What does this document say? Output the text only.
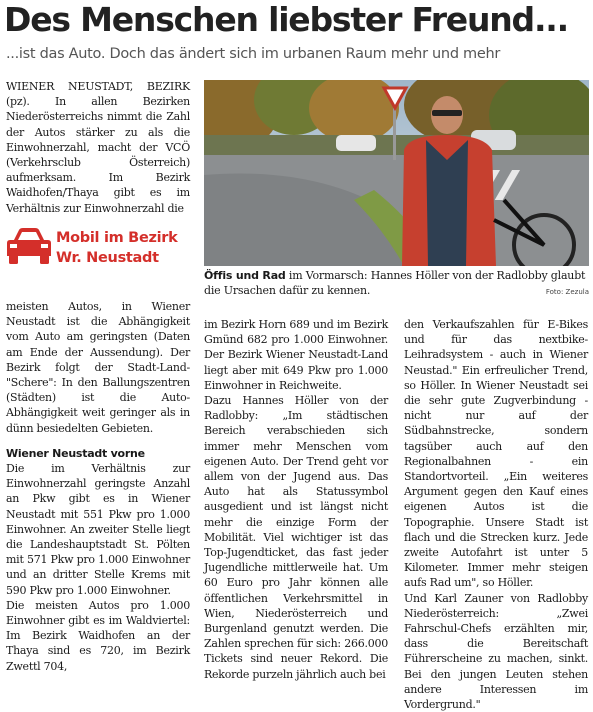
Des Menschen liebster Freund...
...ist das Auto. Doch das ändert sich im urbanen Raum mehr und mehr

WIENER NEUSTADT, BEZIRK (pz). In allen Bezirken Niederösterreichs nimmt die Zahl der Autos stärker zu als die Einwohnerzahl, macht der VCÖ (Verkehrsclub Österreich) aufmerksam. Im Bezirk Waidhofen/Thaya gibt es im Verhältnis zur Einwohnerzahl die

Mobil im Bezirk
Wr. Neustadt

meisten Autos, in Wiener Neustadt ist die Abhängigkeit vom Auto am geringsten (Daten am Ende der Aussendung). Der Bezirk folgt der Stadt-Land-"Schere": In den Ballungszentren (Städten) ist die Auto-Abhängigkeit weit geringer als in dünn besiedelten Gebieten.

Wiener Neustadt vorne

Die im Verhältnis zur Einwohnerzahl geringste Anzahl an Pkw gibt es in Wiener Neustadt mit 551 Pkw pro 1.000 Einwohner. An zweiter Stelle liegt die Landeshauptstadt St. Pölten mit 571 Pkw pro 1.000 Einwohner und an dritter Stelle Krems mit 590 Pkw pro 1.000 Einwohner.

Die meisten Autos pro 1.000 Einwohner gibt es im Waldviertel: Im Bezirk Waidhofen an der Thaya sind es 720, im Bezirk Zwettl 704,

Öffis und Rad im Vormarsch: Hannes Höller von der Radlobby glaubt die Ursachen dafür zu kennen.	Foto: Zezula

im Bezirk Horn 689 und im Bezirk Gmünd 682 pro 1.000 Einwohner. Der Bezirk Wiener Neustadt-Land liegt aber mit 649 Pkw pro 1.000 Einwohner in Reichweite.

Dazu Hannes Höller von der Radlobby: „Im städtischen Bereich verabschieden sich immer mehr Menschen vom eigenen Auto. Der Trend geht vor allem von der Jugend aus. Das Auto hat als Statussymbol ausgedient und ist längst nicht mehr die einzige Form der Mobilität. Viel wichtiger ist das Top-Jugendticket, das fast jeder Jugendliche mittlerweile hat. Um 60 Euro pro Jahr können alle öffentlichen Verkehrsmittel in Wien, Niederösterreich und Burgenland genutzt werden. Die Zahlen sprechen für sich: 266.000 Tickets sind neuer Rekord. Die Rekorde purzeln jährlich auch bei

den Verkaufszahlen für E-Bikes und für das nextbike-Leihradsystem - auch in Wiener Neustad." Ein erfreulicher Trend, so Höller. In Wiener Neustadt sei die sehr gute Zugverbindung - nicht nur auf der Südbahnstrecke, sondern tagsüber auch auf den Regionalbahnen - ein Standortvorteil. „Ein weiteres Argument gegen den Kauf eines eigenen Autos ist die Topographie. Unsere Stadt ist flach und die Strecken kurz. Jede zweite Autofahrt ist unter 5 Kilometer. Immer mehr steigen aufs Rad um", so Höller.

Und Karl Zauner von Radlobby Niederösterreich: „Zwei Fahrschul-Chefs erzählten mir, dass die Bereitschaft Führerscheine zu machen, sinkt. Bei den jungen Leuten stehen andere Interessen im Vordergrund."
